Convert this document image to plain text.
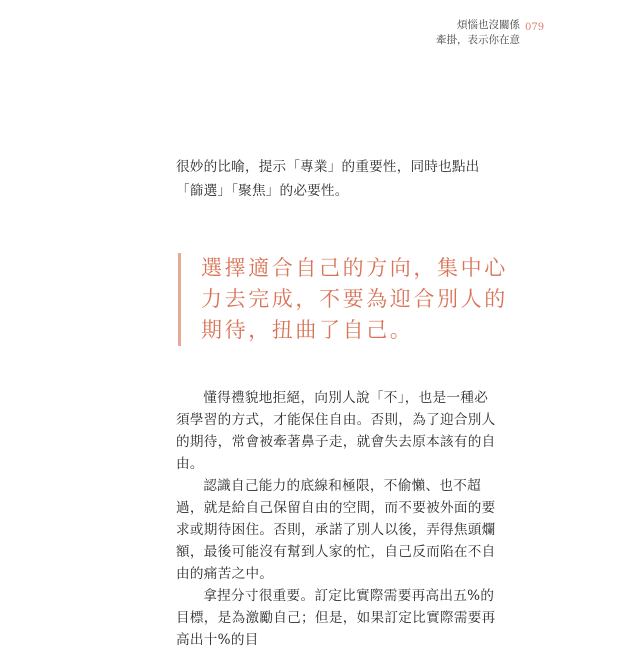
煩惱也沒關係
牽掛，表示你在意
079
很妙的比喻，提示「專業」的重要性，同時也點出「篩選」「聚焦」的必要性。
選擇適合自己的方向，集中心力去完成，不要為迎合別人的期待，扭曲了自己。

懂得禮貌地拒絕，向別人說「不」，也是一種必須學習的方式，才能保住自由。否則，為了迎合別人的期待，常會被牽著鼻子走，就會失去原本該有的自由。

認識自己能力的底線和極限，不偷懶、也不超過，就是給自己保留自由的空間，而不要被外面的要求或期待困住。否則，承諾了別人以後，弄得焦頭爛額，最後可能沒有幫到人家的忙，自己反而陷在不自由的痛苦之中。

拿捏分寸很重要。訂定比實際需要再高出五%的目標，是為激勵自己；但是，如果訂定比實際需要再高出十%的目
